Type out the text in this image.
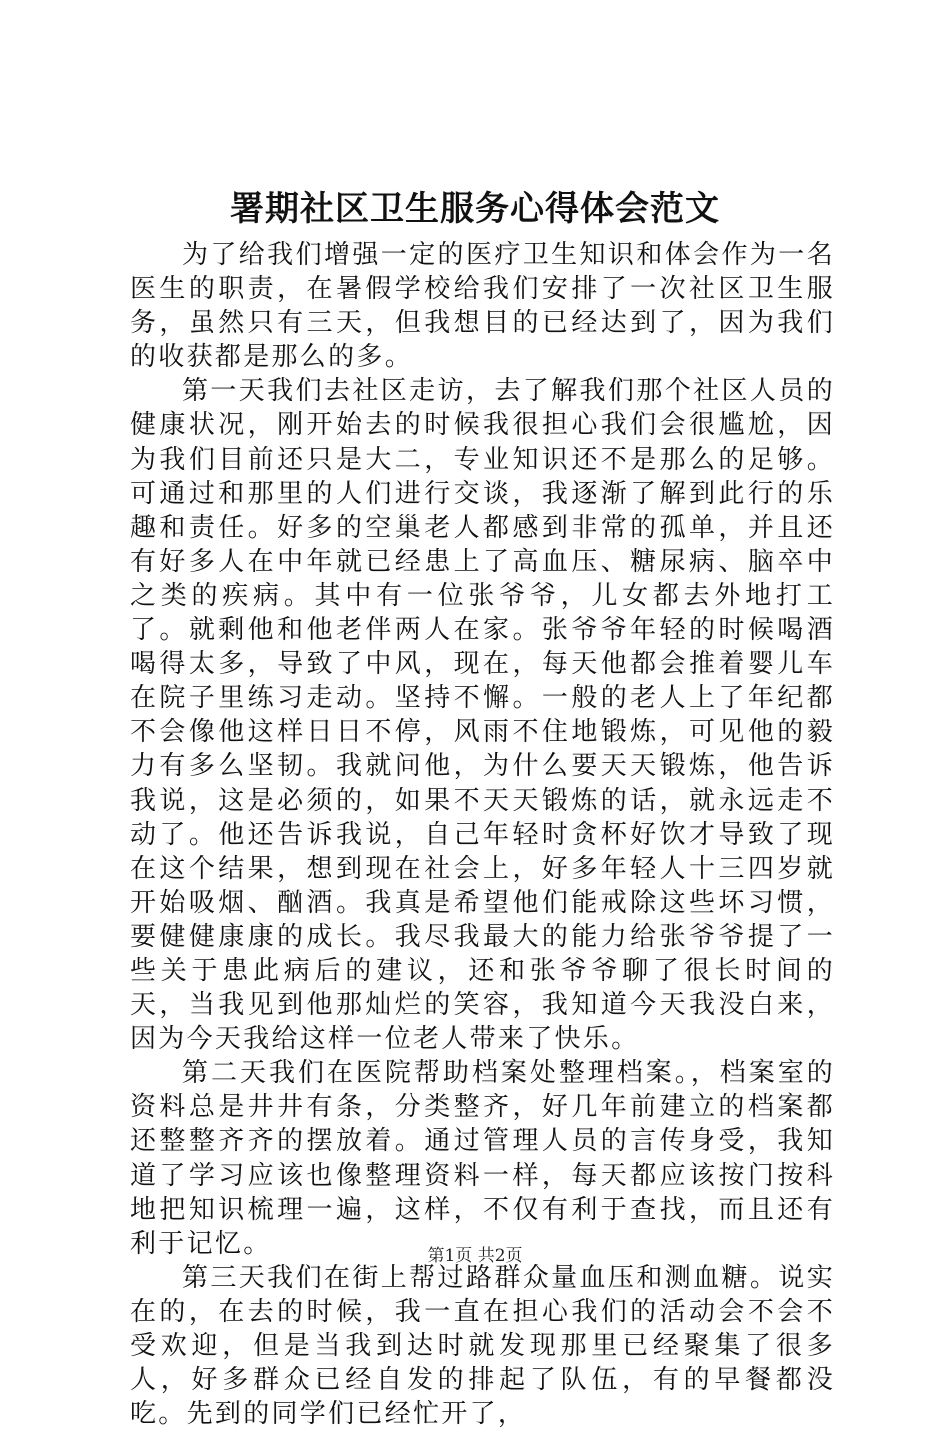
署期社区卫生服务心得体会范文

为了给我们增强一定的医疗卫生知识和体会作为一名医生的职责，在暑假学校给我们安排了一次社区卫生服务，虽然只有三天，但我想目的已经达到了，因为我们的收获都是那么的多。

第一天我们去社区走访，去了解我们那个社区人员的健康状况，刚开始去的时候我很担心我们会很尴尬，因为我们目前还只是大二，专业知识还不是那么的足够。可通过和那里的人们进行交谈，我逐渐了解到此行的乐趣和责任。好多的空巢老人都感到非常的孤单，并且还有好多人在中年就已经患上了高血压、糖尿病、脑卒中之类的疾病。其中有一位张爷爷，儿女都去外地打工了。就剩他和他老伴两人在家。张爷爷年轻的时候喝酒喝得太多，导致了中风，现在，每天他都会推着婴儿车在院子里练习走动。坚持不懈。一般的老人上了年纪都不会像他这样日日不停，风雨不住地锻炼，可见他的毅力有多么坚韧。我就问他，为什么要天天锻炼，他告诉我说，这是必须的，如果不天天锻炼的话，就永远走不动了。他还告诉我说，自己年轻时贪杯好饮才导致了现在这个结果，想到现在社会上，好多年轻人十三四岁就开始吸烟、酗酒。我真是希望他们能戒除这些坏习惯，要健健康康的成长。我尽我最大的能力给张爷爷提了一些关于患此病后的建议，还和张爷爷聊了很长时间的天，当我见到他那灿烂的笑容，我知道今天我没白来，因为今天我给这样一位老人带来了快乐。

第二天我们在医院帮助档案处整理档案。，档案室的资料总是井井有条，分类整齐，好几年前建立的档案都还整整齐齐的摆放着。通过管理人员的言传身受，我知道了学习应该也像整理资料一样，每天都应该按门按科地把知识梳理一遍，这样，不仅有利于查找，而且还有利于记忆。

第三天我们在街上帮过路群众量血压和测血糖。说实在的，在去的时候，我一直在担心我们的活动会不会不受欢迎，但是当我到达时就发现那里已经聚集了很多人，好多群众已经自发的排起了队伍，有的早餐都没吃。先到的同学们已经忙开了，

第1页 共2页
